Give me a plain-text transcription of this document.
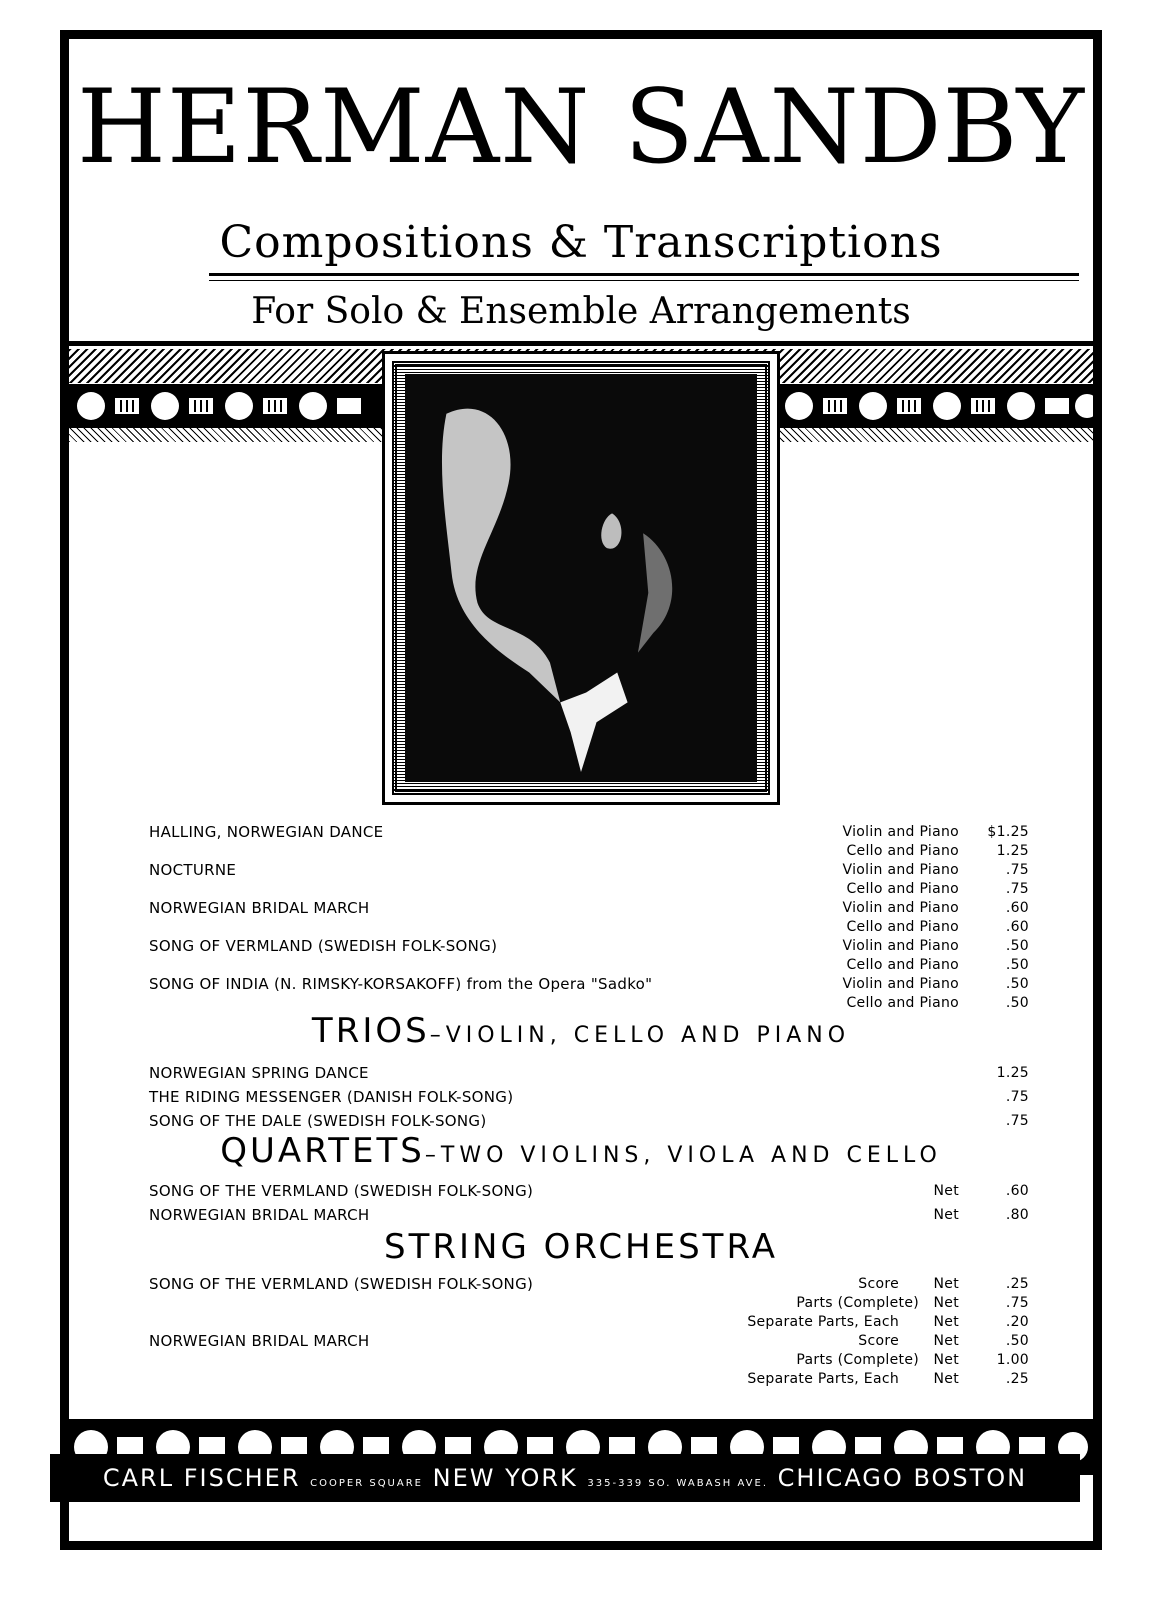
HERMAN SANDBY
Compositions & Transcriptions
For Solo & Ensemble Arrangements
HALLING, NORWEGIAN DANCE	Violin and Piano	$1.25
Cello and Piano	1.25
NOCTURNE	Violin and Piano	.75
Cello and Piano	.75
NORWEGIAN BRIDAL MARCH	Violin and Piano	.60
Cello and Piano	.60
SONG OF VERMLAND (SWEDISH FOLK-SONG)	Violin and Piano	.50
Cello and Piano	.50
SONG OF INDIA (N. RIMSKY-KORSAKOFF) from the Opera "Sadko"	Violin and Piano	.50
Cello and Piano	.50
TRIOS–VIOLIN, CELLO AND PIANO
NORWEGIAN SPRING DANCE	1.25
THE RIDING MESSENGER (DANISH FOLK-SONG)	.75
SONG OF THE DALE (SWEDISH FOLK-SONG)	.75
QUARTETS–TWO VIOLINS, VIOLA AND CELLO
SONG OF THE VERMLAND (SWEDISH FOLK-SONG)	Net	.60
NORWEGIAN BRIDAL MARCH	Net	.80
STRING ORCHESTRA
SONG OF THE VERMLAND (SWEDISH FOLK-SONG)	Score Net	.25
Parts (Complete) Net	.75
Separate Parts, Each Net	.20
NORWEGIAN BRIDAL MARCH	Score Net	.50
Parts (Complete) Net	1.00
Separate Parts, Each Net	.25
CARL FISCHER COOPER SQUARE NEW YORK 335-339 SO. WABASH AVE. CHICAGO BOSTON
